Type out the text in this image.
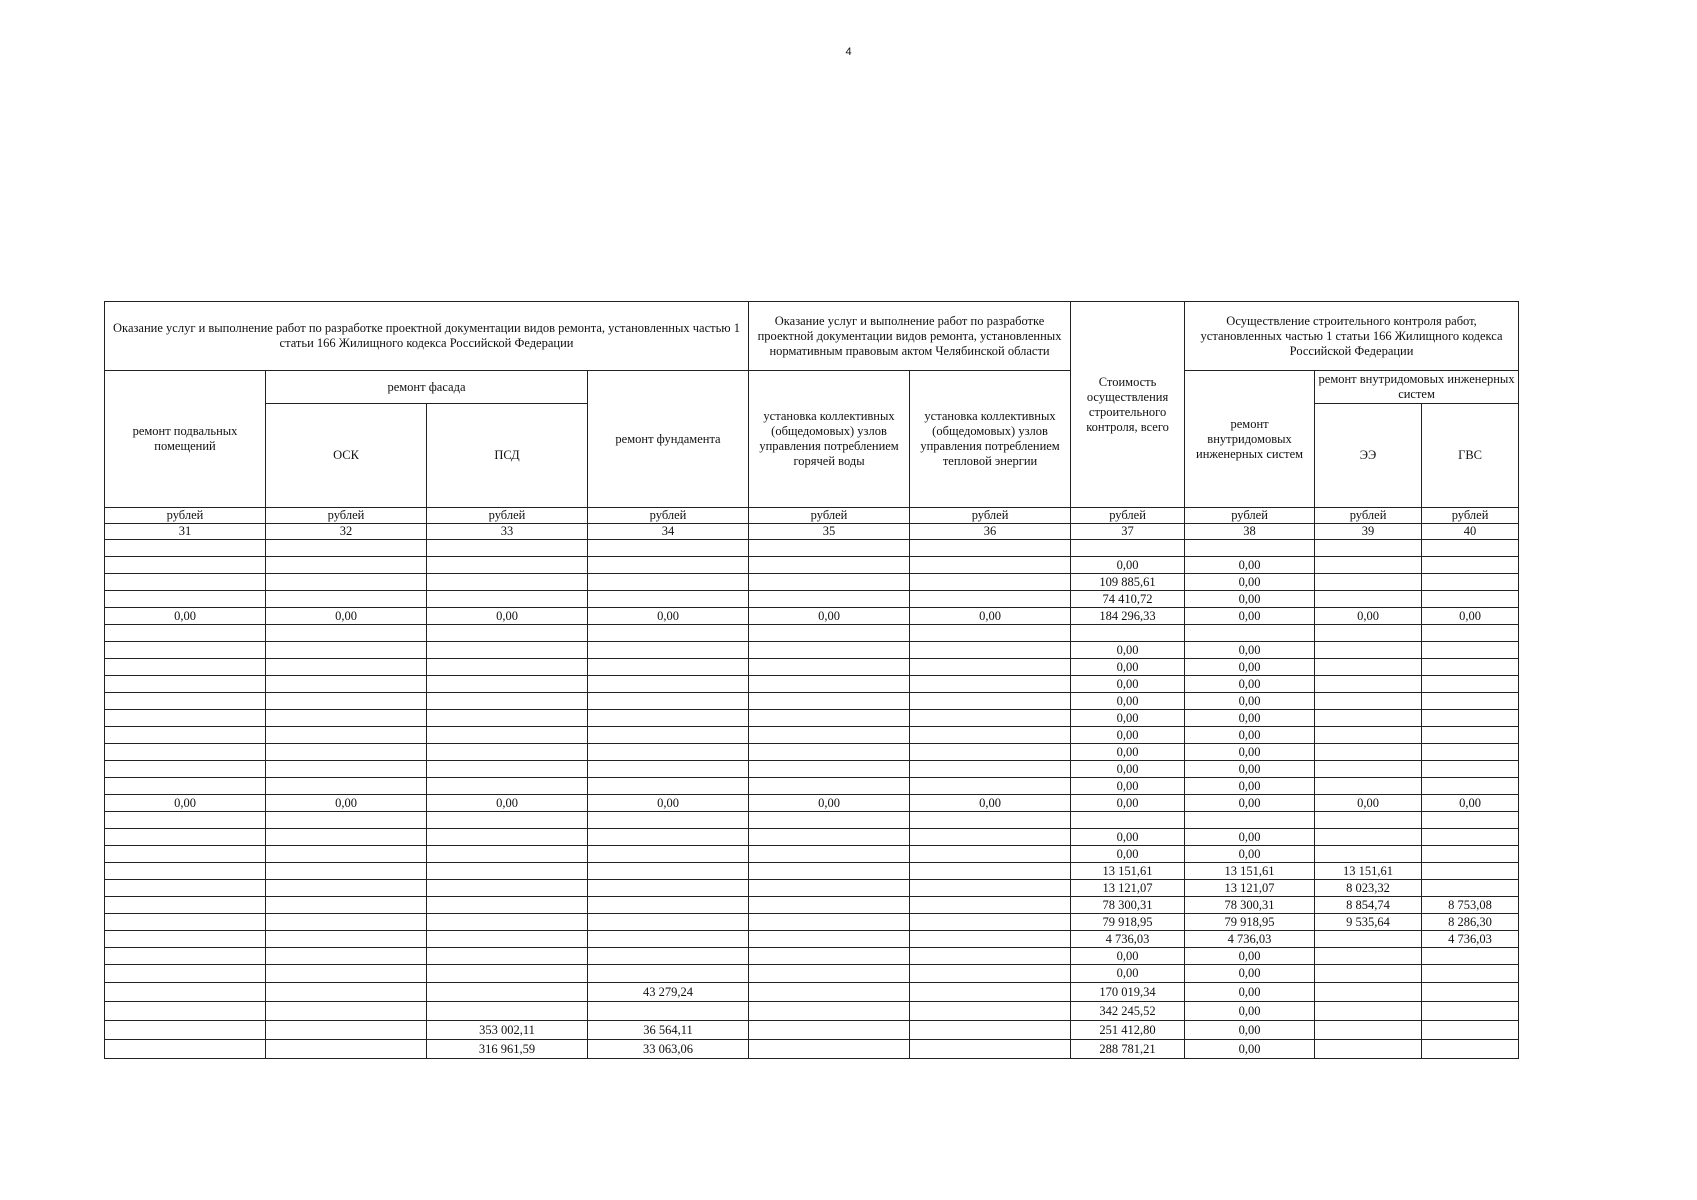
4
Оказание услуг и выполнение работ по разработке проектной документации видов ремонта, установленных частью 1 статьи 166 Жилищного кодекса Российской Федерации				Оказание услуг и выполнение работ по разработке проектной документации видов ремонта, установленных нормативным правовым актом Челябинской области		Стоимость осуществления строительного контроля, всего	Осуществление строительного контроля работ, установленных частью 1 статьи 166 Жилищного кодекса Российской Федерации		
ремонт подвальных помещений	ремонт фасада		ремонт фундамента	установка коллективных (общедомовых) узлов управления потреблением горячей воды	установка коллективных (общедомовых) узлов управления потреблением тепловой энергии		ремонт внутридомовых инженерных систем	ремонт внутридомовых инженерных систем	
	ОСК	ПСД						ЭЭ	ГВС
рублей	рублей	рублей	рублей	рублей	рублей	рублей	рублей	рублей	рублей
31	32	33	34	35	36	37	38	39	40

						0,00	0,00		
						109 885,61	0,00		
						74 410,72	0,00		
0,00	0,00	0,00	0,00	0,00	0,00	184 296,33	0,00	0,00	0,00

						0,00	0,00		
						0,00	0,00		
						0,00	0,00		
						0,00	0,00		
						0,00	0,00		
						0,00	0,00		
						0,00	0,00		
						0,00	0,00		
						0,00	0,00		
0,00	0,00	0,00	0,00	0,00	0,00	0,00	0,00	0,00	0,00

						0,00	0,00		
						0,00	0,00		
						13 151,61	13 151,61	13 151,61	
						13 121,07	13 121,07	8 023,32	
						78 300,31	78 300,31	8 854,74	8 753,08
						79 918,95	79 918,95	9 535,64	8 286,30
						4 736,03	4 736,03		4 736,03
						0,00	0,00		
						0,00	0,00		
			43 279,24			170 019,34	0,00		
						342 245,52	0,00		
		353 002,11	36 564,11			251 412,80	0,00		
		316 961,59	33 063,06			288 781,21	0,00		
